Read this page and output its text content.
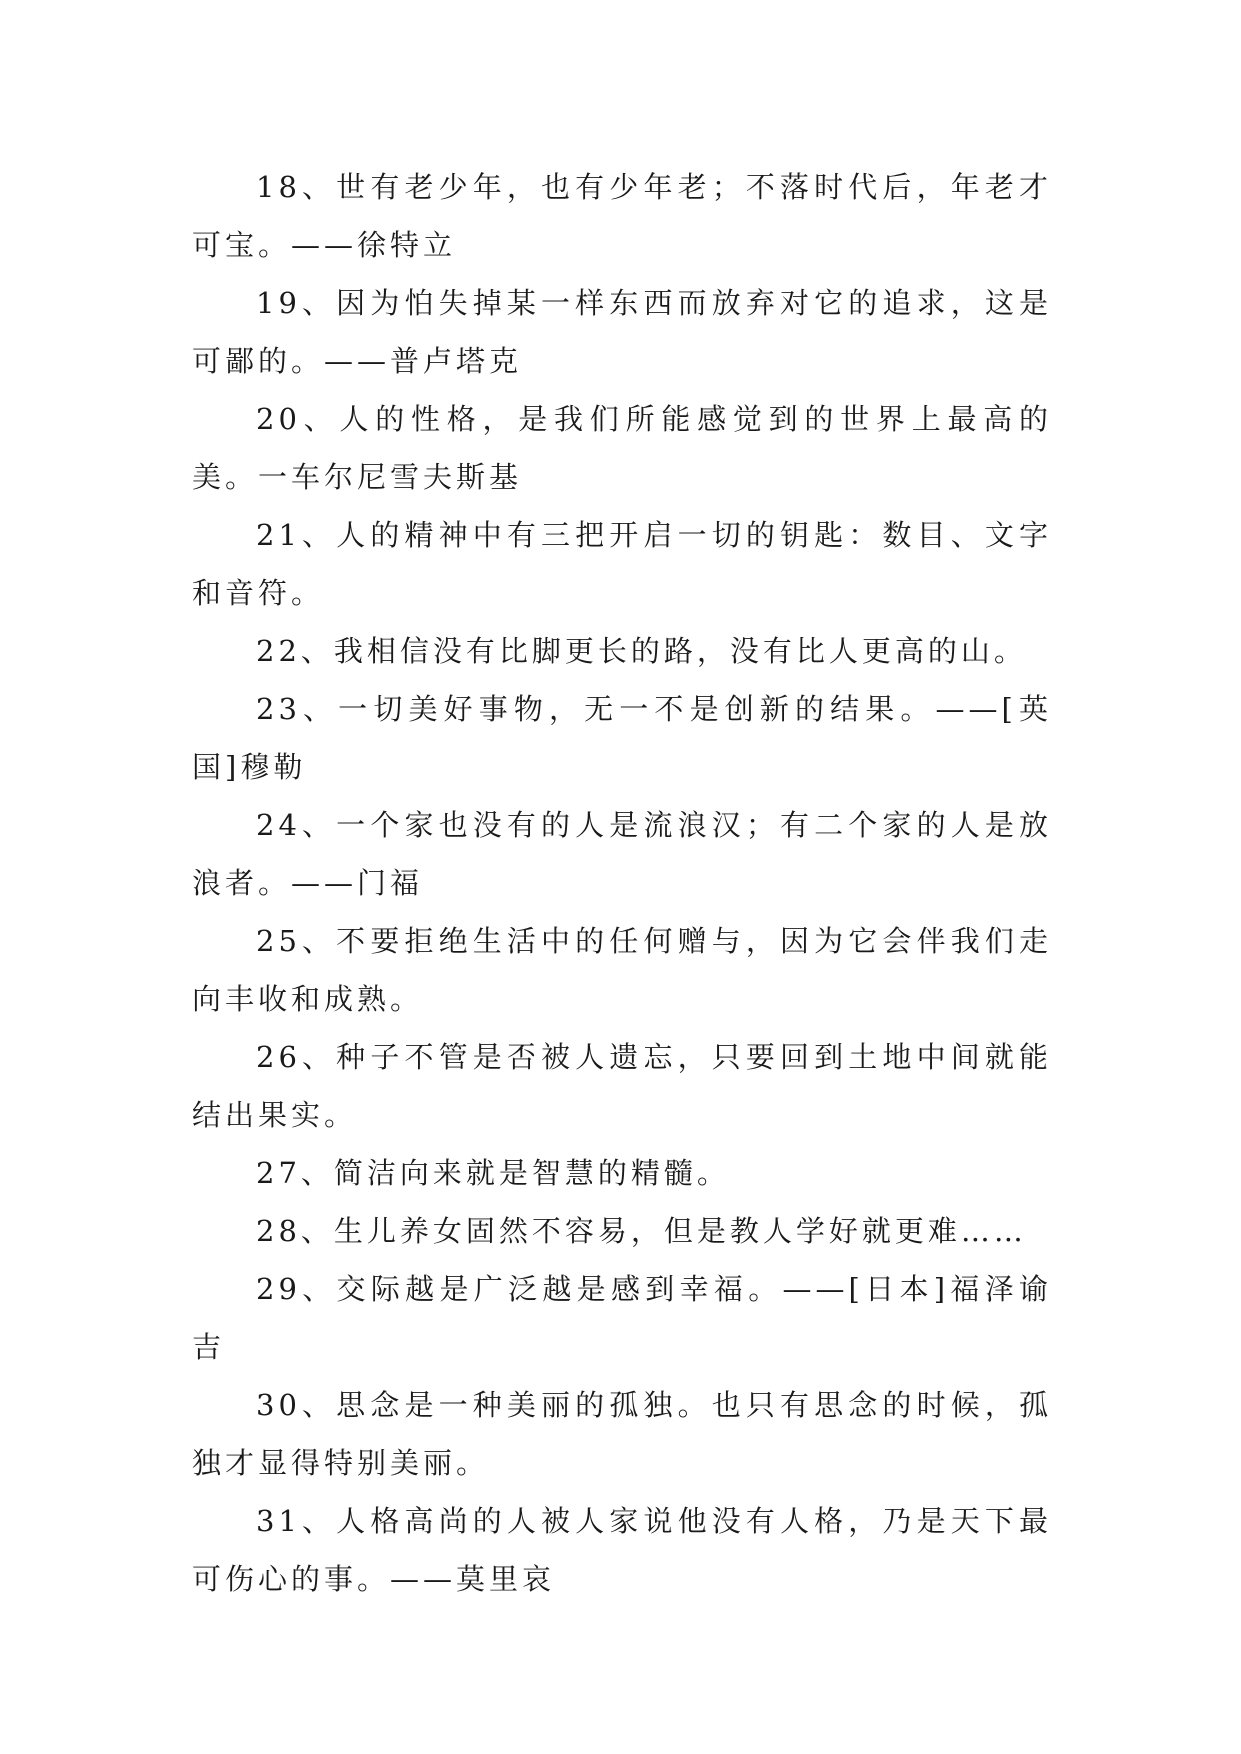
18、世有老少年，也有少年老；不落时代后，年老才可宝。——徐特立

19、因为怕失掉某一样东西而放弃对它的追求，这是可鄙的。——普卢塔克

20、人的性格，是我们所能感觉到的世界上最高的美。一车尔尼雪夫斯基

21、人的精神中有三把开启一切的钥匙：数目、文字和音符。

22、我相信没有比脚更长的路，没有比人更高的山。

23、一切美好事物，无一不是创新的结果。——[英国]穆勒

24、一个家也没有的人是流浪汉；有二个家的人是放浪者。——门福

25、不要拒绝生活中的任何赠与，因为它会伴我们走向丰收和成熟。

26、种子不管是否被人遗忘，只要回到土地中间就能结出果实。

27、简洁向来就是智慧的精髓。

28、生儿养女固然不容易，但是教人学好就更难……

29、交际越是广泛越是感到幸福。——[日本]福泽谕吉

30、思念是一种美丽的孤独。也只有思念的时候，孤独才显得特别美丽。

31、人格高尚的人被人家说他没有人格，乃是天下最可伤心的事。——莫里哀
